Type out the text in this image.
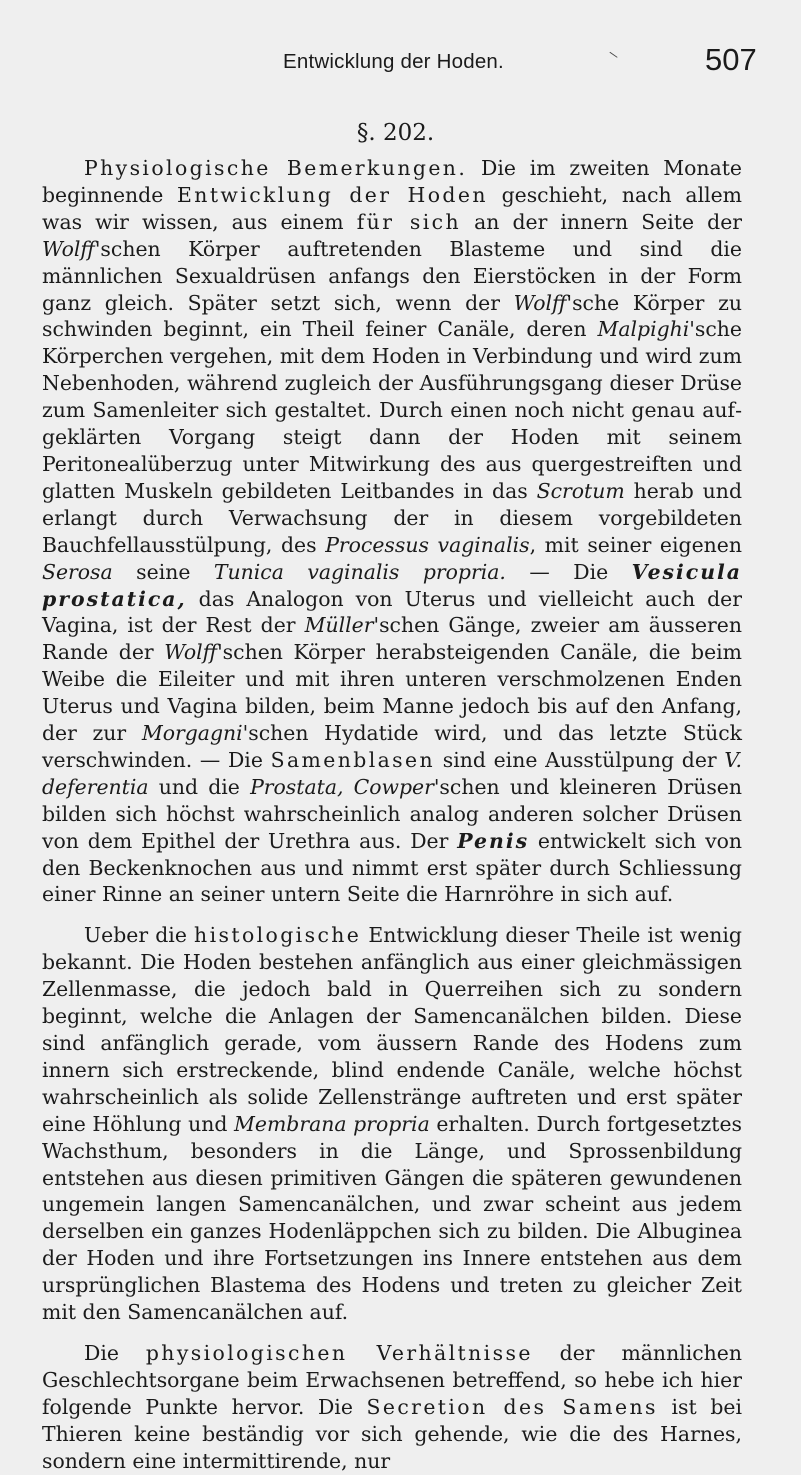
Entwicklung der Hoden.	\	507
§. 202.

Physiologische Bemerkungen. Die im zweiten Monate beginnende Entwicklung der Hoden geschieht, nach allem was wir wissen, aus einem für sich an der innern Seite der Wolff'schen Körper auftretenden Blasteme und sind die männlichen Sexualdrüsen anfangs den Eierstöcken in der Form ganz gleich. Später setzt sich, wenn der Wolff'sche Körper zu schwinden beginnt, ein Theil feiner Canäle, deren Malpighi'sche Körperchen vergehen, mit dem Hoden in Verbindung und wird zum Nebenhoden, während zugleich der Ausführungsgang dieser Drüse zum Samenleiter sich gestaltet. Durch einen noch nicht genau aufgeklärten Vorgang steigt dann der Hoden mit seinem Peritonealüberzug unter Mitwirkung des aus quergestreiften und glatten Muskeln gebildeten Leitbandes in das Scrotum herab und erlangt durch Verwachsung der in diesem vorgebildeten Bauchfellausstülpung, des Processus vaginalis, mit seiner eigenen Serosa seine Tunica vaginalis propria. — Die Vesicula prostatica, das Analogon von Uterus und vielleicht auch der Vagina, ist der Rest der Müller'schen Gänge, zweier am äusseren Rande der Wolff'schen Körper herabsteigenden Canäle, die beim Weibe die Eileiter und mit ihren unteren verschmolzenen Enden Uterus und Vagina bilden, beim Manne jedoch bis auf den Anfang, der zur Morgagni'schen Hydatide wird, und das letzte Stück verschwinden. — Die Samenblasen sind eine Ausstülpung der V. deferentia und die Prostata, Cowper'schen und kleineren Drüsen bilden sich höchst wahrscheinlich analog anderen solcher Drüsen von dem Epithel der Urethra aus. Der Penis entwickelt sich von den Beckenknochen aus und nimmt erst später durch Schliessung einer Rinne an seiner untern Seite die Harnröhre in sich auf.

Ueber die histologische Entwicklung dieser Theile ist wenig bekannt. Die Hoden bestehen anfänglich aus einer gleichmässigen Zellenmasse, die jedoch bald in Querreihen sich zu sondern beginnt, welche die Anlagen der Samencanälchen bilden. Diese sind anfänglich gerade, vom äussern Rande des Hodens zum innern sich erstreckende, blind endende Canäle, welche höchst wahrscheinlich als solide Zellenstränge auftreten und erst später eine Höhlung und Membrana propria erhalten. Durch fortgesetztes Wachsthum, besonders in die Länge, und Sprossenbildung entstehen aus diesen primitiven Gängen die späteren gewundenen ungemein langen Samencanälchen, und zwar scheint aus jedem derselben ein ganzes Hodenläppchen sich zu bilden. Die Albuginea der Hoden und ihre Fortsetzungen ins Innere entstehen aus dem ursprünglichen Blastema des Hodens und treten zu gleicher Zeit mit den Samencanälchen auf.

Die physiologischen Verhältnisse der männlichen Geschlechtsorgane beim Erwachsenen betreffend, so hebe ich hier folgende Punkte hervor. Die Secretion des Samens ist bei Thieren keine beständig vor sich gehende, wie die des Harnes, sondern eine intermittirende, nur
